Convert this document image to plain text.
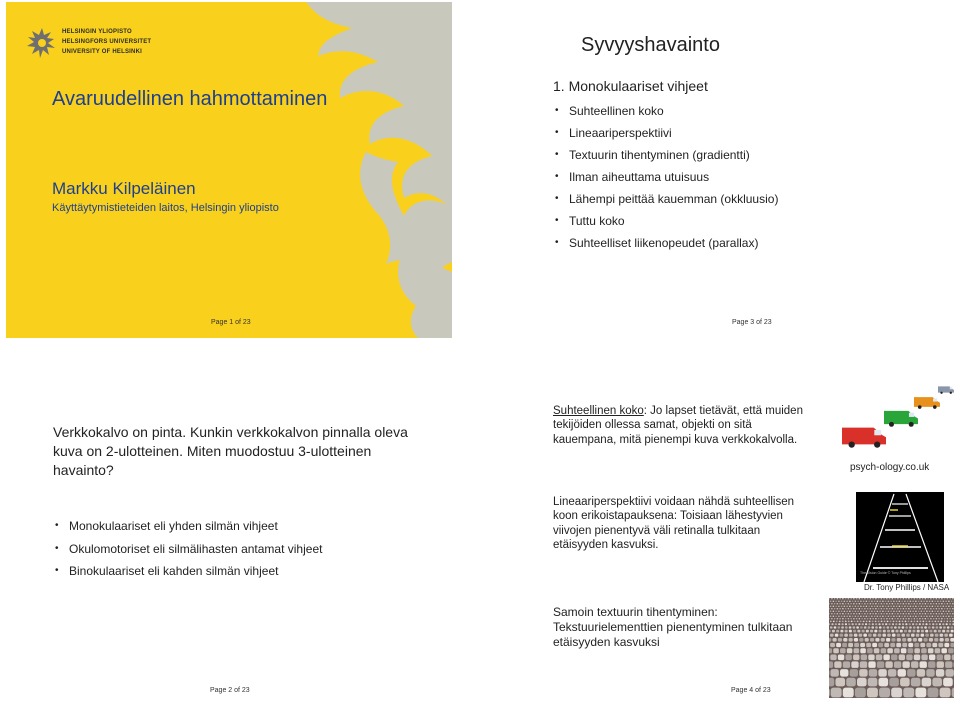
HELSINGIN YLIOPISTO
HELSINGFORS UNIVERSITET
UNIVERSITY OF HELSINKI
Avaruudellinen hahmottaminen
Markku Kilpeläinen
Käyttäytymistieteiden laitos, Helsingin yliopisto
Page 1 of 23
Syvyyshavainto
1. Monokulaariset vihjeet
• Suhteellinen koko
• Lineaariperspektiivi
• Textuurin tihentyminen (gradientti)
• Ilman aiheuttama utuisuus
• Lähempi peittää kauemman (okkluusio)
• Tuttu koko
• Suhteelliset liikenopeudet (parallax)
Page 3 of 23
Verkkokalvo on pinta. Kunkin verkkokalvon pinnalla oleva kuva on 2-ulotteinen. Miten muodostuu 3-ulotteinen havainto?
• Monokulaariset eli yhden silmän vihjeet
• Okulomotoriset eli silmälihasten antamat vihjeet
• Binokulaariset eli kahden silmän vihjeet
Page 2 of 23
Suhteellinen koko: Jo lapset tietävät, että muiden tekijöiden ollessa samat, objekti on sitä kauempana, mitä pienempi kuva verkkokalvolla.
psych-ology.co.uk
Lineaariperspektiivi voidaan nähdä suhteellisen koon erikoistapauksena: Toisiaan lähestyvien viivojen pienentyvä väli retinalla tulkitaan etäisyyden kasvuksi.
The Vision Guide © Tony Phillips
Dr. Tony Phillips / NASA
Samoin textuurin tihentyminen: Tekstuurielementtien pienentyminen tulkitaan etäisyyden kasvuksi
Page 4 of 23
